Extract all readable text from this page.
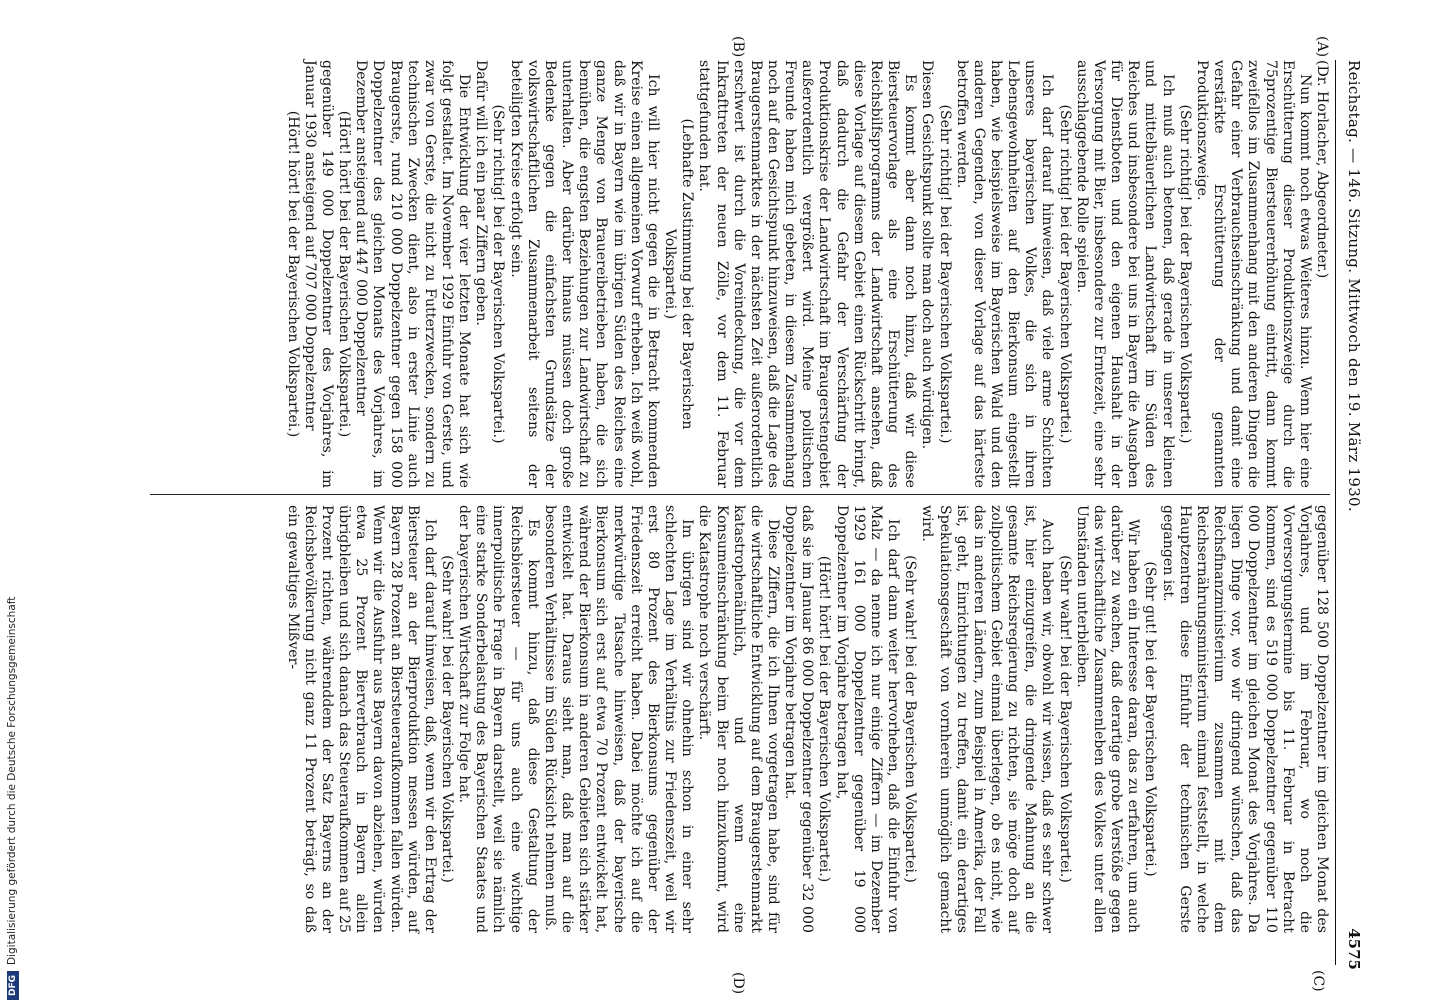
Reichstag. — 146. Sitzung. Mittwoch den 19. März 1930.
4575
(A)
(B)
(C)
(D)

(Dr. Horlacher, Abgeordneter.)

Nun kommt noch etwas Weiteres hinzu. Wenn hier eine Erschütterung dieser Produktionszweige durch die 75prozentige Biersteuererhöhung eintritt, dann kommt zweifellos im Zusammenhang mit den anderen Dingen die Gefahr einer Verbrauchseinschränkung und damit eine verstärkte Erschütterung der genannten Produktionszweige.

(Sehr richtig! bei der Bayerischen Volkspartei.)

Ich muß auch betonen, daß gerade in unserer kleinen und mittelbäuerlichen Landwirtschaft im Süden des Reiches und insbesondere bei uns in Bayern die Ausgaben für Dienstboten und den eigenen Haushalt in der Versorgung mit Bier, insbesondere zur Erntezeit, eine sehr ausschlaggebende Rolle spielen.

(Sehr richtig! bei der Bayerischen Volkspartei.)

Ich darf darauf hinweisen, daß viele arme Schichten unseres bayerischen Volkes, die sich in ihren Lebensgewohnheiten auf den Bierkonsum eingestellt haben, wie beispielsweise im Bayerischen Wald und den anderen Gegenden, von dieser Vorlage auf das härteste betroffen werden.

(Sehr richtig! bei der Bayerischen Volkspartei.)

Diesen Gesichtspunkt sollte man doch auch würdigen.

Es kommt aber dann noch hinzu, daß wir diese Biersteuervorlage als eine Erschütterung des Reichsbilfsprogramms der Landwirtschaft ansehen, daß diese Vorlage auf diesem Gebiet einen Rückschritt bringt, daß dadurch die Gefahr der Verschärfung der Produktionskrise der Landwirtschaft im Braugerstengebiet außerordentlich vergrößert wird. Meine politischen Freunde haben mich gebeten, in diesem Zusammenhang noch auf den Gesichtspunkt hinzuweisen, daß die Lage des Braugerstenmarktes in der nächsten Zeit außerordentlich erschwert ist durch die Voreindeckung, die vor dem Inkrafttreten der neuen Zölle, vor dem 11. Februar stattgefunden hat.

(Lebhafte Zustimmung bei der Bayerischen Volkspartei.)

Ich will hier nicht gegen die in Betracht kommenden Kreise einen allgemeinen Vorwurf erheben. Ich weiß wohl, daß wir in Bayern wie im übrigen Süden des Reiches eine ganze Menge von Brauereibetrieben haben, die sich bemühen, die engsten Beziehungen zur Landwirtschaft zu unterhalten. Aber darüber hinaus müssen doch große Bedenke gegen die einfachsten Grundsätze der volkswirtschaftlichen Zusammenarbeit seitens der beteiligten Kreise erfolgt sein.

(Sehr richtig! bei der Bayerischen Volkspartei.)

Dafür will ich ein paar Ziffern geben.

Die Entwicklung der vier letzten Monate hat sich wie folgt gestaltet. Im November 1929 Einfuhr von Gerste, und zwar von Gerste, die nicht zu Futterzwecken, sondern zu technischen Zwecken dient, also in erster Linie auch Braugerste, rund 210 000 Doppelzentner gegen 158 000 Doppelzentner des gleichen Monats des Vorjahres, im Dezember ansteigend auf 447 000 Doppelzentner

(Hört! hört! bei der Bayerischen Volkspartei.)

gegenüber 149 000 Doppelzentner des Vorjahres, im Januar 1930 ansteigend auf 707 000 Doppelzentner

(Hört! hört! bei der Bayerischen Volkspartei.)

gegenüber 128 500 Doppelzentner im gleichen Monat des Vorjahres, und im Februar, wo noch die Vorversorgungstermine bis 11. Februar in Betracht kommen, sind es 519 000 Doppelzentner gegenüber 110 000 Doppelzentner im gleichen Monat des Vorjahres. Da liegen Dinge vor, wo wir dringend wünschen, daß das Reichsfinanzministerium zusammen mit dem Reichsernährungsministerium einmal feststellt, in welche Hauptzentren diese Einfuhr der technischen Gerste gegangen ist.

(Sehr gut! bei der Bayerischen Volkspartei.)

Wir haben ein Interesse daran, das zu erfahren, um auch darüber zu wachen, daß derartige grobe Verstöße gegen das wirtschaftliche Zusammenleben des Volkes unter allen Umständen unterbleiben.

(Sehr wahr! bei der Bayerischen Volkspartei.)

Auch haben wir, obwohl wir wissen, daß es sehr schwer ist, hier einzugreifen, die dringende Mahnung an die gesamte Reichsregierung zu richten, sie möge doch auf zollpolitischem Gebiet einmal überlegen, ob es nicht, wie das in anderen Ländern, zum Beispiel in Amerika, der Fall ist, geht, Einrichtungen zu treffen, damit ein derartiges Spekulationsgeschäft von vornherein unmöglich gemacht wird.

(Sehr wahr! bei der Bayerischen Volkspartei.)

Ich darf dann weiter hervorheben, daß die Einfuhr von Malz — da nenne ich nur einige Ziffern — im Dezember 1929 161 000 Doppelzentner gegenüber 19 000 Doppelzentner im Vorjahre betragen hat,

(Hört! hört! bei der Bayerischen Volkspartei.)

daß sie im Januar 86 000 Doppelzentner gegenüber 32 000 Doppelzentner im Vorjahre betragen hat.

Diese Ziffern, die ich Ihnen vorgetragen habe, sind für die wirtschaftliche Entwicklung auf dem Braugerstenmarkt katastrophenähnlich, und wenn eine Konsumeinschränkung beim Bier noch hinzukommt, wird die Katastrophe noch verschärft.

Im übrigen sind wir ohnehin schon in einer sehr schlechten Lage im Verhältnis zur Friedenszeit, weil wir erst 80 Prozent des Bierkonsums gegenüber der Friedenszeit erreicht haben. Dabei möchte ich auf die merkwürdige Tatsache hinweisen, daß der bayerische Bierkonsum sich erst auf etwa 70 Prozent entwickelt hat, während der Bierkonsum in anderen Gebieten sich stärker entwickelt hat. Daraus sieht man, daß man auf die besonderen Verhältnisse im Süden Rücksicht nehmen muß.

Es kommt hinzu, daß diese Gestaltung der Reichsbiersteuer — für uns auch eine wichtige innerpolitische Frage in Bayern darstellt, weil sie nämlich eine starke Sonderbelastung des Bayerischen Staates und der bayerischen Wirtschaft zur Folge hat.

(Sehr wahr! bei der Bayerischen Volkspartei.)

Ich darf darauf hinweisen, daß, wenn wir den Ertrag der Biersteuer an der Bierproduktion messen würden, auf Bayern 28 Prozent an Biersteueraufkommen fallen würden. Wenn wir die Ausfuhr aus Bayern davon abziehen, würden etwa 25 Prozent Bierverbrauch in Bayern allein übrigbleiben und sich danach das Steueraufkommen auf 25 Prozent richten, währenddem der Satz Bayerns an der Reichsbevölkerung nicht ganz 11 Prozent beträgt, so daß ein gewaltiges Mißver-

DFGDigitalisierung gefördert durch die Deutsche Forschungsgemeinschaft
